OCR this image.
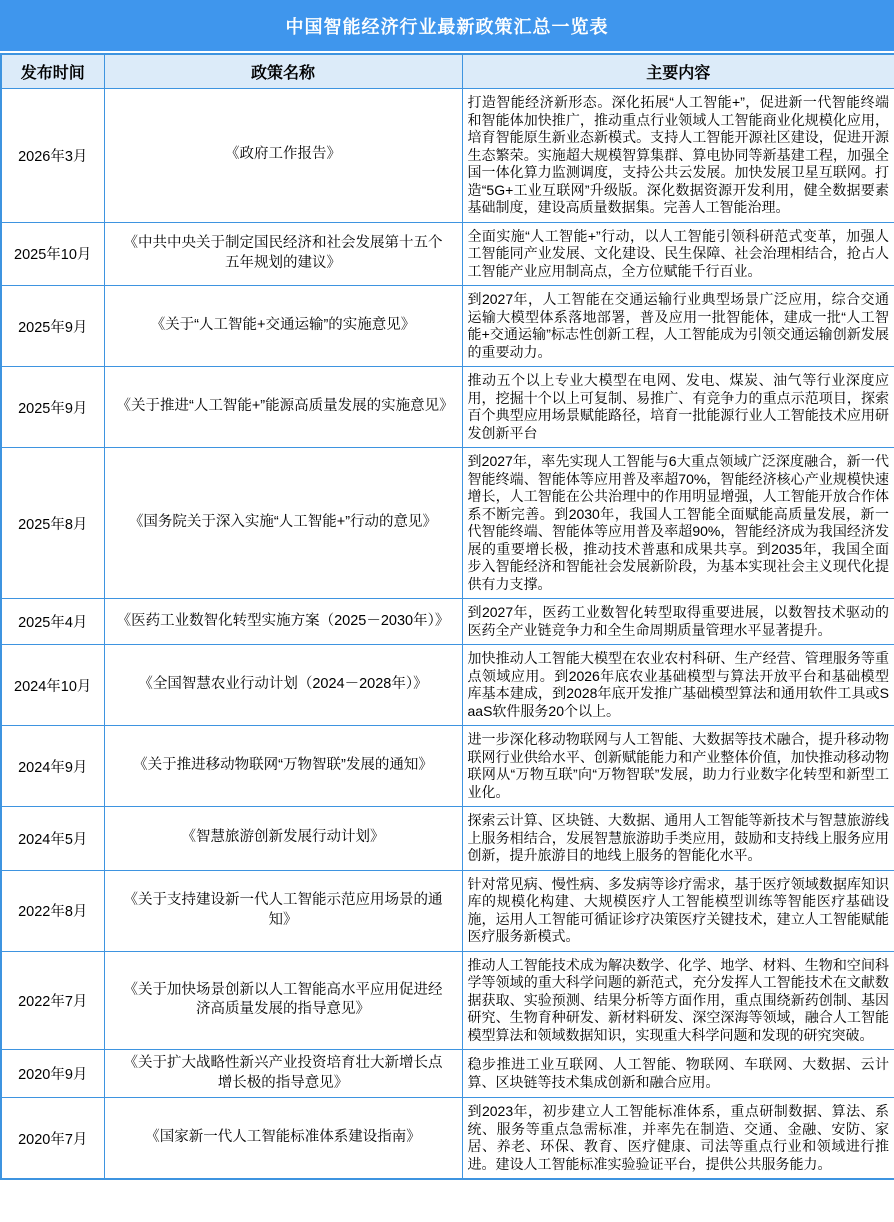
中国智能经济行业最新政策汇总一览表
发布时间	政策名称	主要内容
2026年3月	《政府工作报告》	打造智能经济新形态。深化拓展“人工智能+”，促进新一代智能终端和智能体加快推广，推动重点行业领域人工智能商业化规模化应用，培育智能原生新业态新模式。支持人工智能开源社区建设，促进开源生态繁荣。实施超大规模智算集群、算电协同等新基建工程，加强全国一体化算力监测调度，支持公共云发展。加快发展卫星互联网。打造“5G+工业互联网”升级版。深化数据资源开发利用，健全数据要素基础制度，建设高质量数据集。完善人工智能治理。
2025年10月	《中共中央关于制定国民经济和社会发展第十五个五年规划的建议》	全面实施“人工智能+”行动，以人工智能引领科研范式变革，加强人工智能同产业发展、文化建设、民生保障、社会治理相结合，抢占人工智能产业应用制高点，全方位赋能千行百业。
2025年9月	《关于“人工智能+交通运输”的实施意见》	到2027年，人工智能在交通运输行业典型场景广泛应用，综合交通运输大模型体系落地部署，普及应用一批智能体，建成一批“人工智能+交通运输”标志性创新工程，人工智能成为引领交通运输创新发展的重要动力。
2025年9月	《关于推进“人工智能+”能源高质量发展的实施意见》	推动五个以上专业大模型在电网、发电、煤炭、油气等行业深度应用，挖掘十个以上可复制、易推广、有竞争力的重点示范项目，探索百个典型应用场景赋能路径，培育一批能源行业人工智能技术应用研发创新平台
2025年8月	《国务院关于深入实施“人工智能+”行动的意见》	到2027年，率先实现人工智能与6大重点领域广泛深度融合，新一代智能终端、智能体等应用普及率超70%，智能经济核心产业规模快速增长，人工智能在公共治理中的作用明显增强，人工智能开放合作体系不断完善。到2030年，我国人工智能全面赋能高质量发展，新一代智能终端、智能体等应用普及率超90%，智能经济成为我国经济发展的重要增长极，推动技术普惠和成果共享。到2035年，我国全面步入智能经济和智能社会发展新阶段，为基本实现社会主义现代化提供有力支撑。
2025年4月	《医药工业数智化转型实施方案（2025－2030年）》	到2027年，医药工业数智化转型取得重要进展，以数智技术驱动的医药全产业链竞争力和全生命周期质量管理水平显著提升。
2024年10月	《全国智慧农业行动计划（2024－2028年）》	加快推动人工智能大模型在农业农村科研、生产经营、管理服务等重点领域应用。到2026年底农业基础模型与算法开放平台和基础模型库基本建成，到2028年底开发推广基础模型算法和通用软件工具或SaaS软件服务20个以上。
2024年9月	《关于推进移动物联网“万物智联”发展的通知》	进一步深化移动物联网与人工智能、大数据等技术融合，提升移动物联网行业供给水平、创新赋能能力和产业整体价值，加快推动移动物联网从“万物互联”向“万物智联”发展，助力行业数字化转型和新型工业化。
2024年5月	《智慧旅游创新发展行动计划》	探索云计算、区块链、大数据、通用人工智能等新技术与智慧旅游线上服务相结合，发展智慧旅游助手类应用，鼓励和支持线上服务应用创新，提升旅游目的地线上服务的智能化水平。
2022年8月	《关于支持建设新一代人工智能示范应用场景的通知》	针对常见病、慢性病、多发病等诊疗需求，基于医疗领域数据库知识库的规模化构建、大规模医疗人工智能模型训练等智能医疗基础设施，运用人工智能可循证诊疗决策医疗关键技术，建立人工智能赋能医疗服务新模式。
2022年7月	《关于加快场景创新以人工智能高水平应用促进经济高质量发展的指导意见》	推动人工智能技术成为解决数学、化学、地学、材料、生物和空间科学等领域的重大科学问题的新范式，充分发挥人工智能技术在文献数据获取、实验预测、结果分析等方面作用，重点围绕新药创制、基因研究、生物育种研发、新材料研发、深空深海等领域，融合人工智能模型算法和领域数据知识，实现重大科学问题和发现的研究突破。
2020年9月	《关于扩大战略性新兴产业投资培育壮大新增长点增长极的指导意见》	稳步推进工业互联网、人工智能、物联网、车联网、大数据、云计算、区块链等技术集成创新和融合应用。
2020年7月	《国家新一代人工智能标准体系建设指南》	到2023年，初步建立人工智能标准体系，重点研制数据、算法、系统、服务等重点急需标准，并率先在制造、交通、金融、安防、家居、养老、环保、教育、医疗健康、司法等重点行业和领域进行推进。建设人工智能标准实验验证平台，提供公共服务能力。
